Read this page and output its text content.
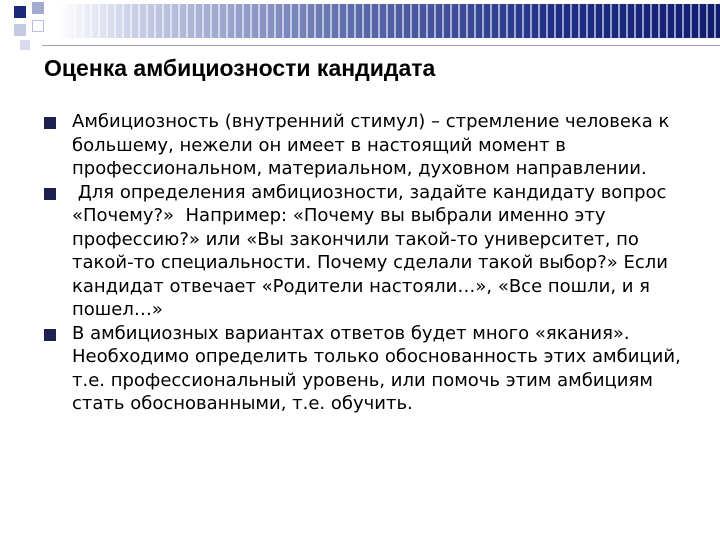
Оценка амбициозности кандидата
Амбициозность (внутренний стимул) – стремление человека к большему, нежели он имеет в настоящий момент в профессиональном, материальном, духовном направлении.
Для определения амбициозности, задайте кандидату вопрос «Почему?»  Например: «Почему вы выбрали именно эту профессию?» или «Вы закончили такой-то университет, по такой-то специальности. Почему сделали такой выбор?» Если кандидат отвечает «Родители настояли…», «Все пошли, и я пошел…»
В амбициозных вариантах ответов будет много «якания». Необходимо определить только обоснованность этих амбиций, т.е. профессиональный уровень, или помочь этим амбициям стать обоснованными, т.е. обучить.
